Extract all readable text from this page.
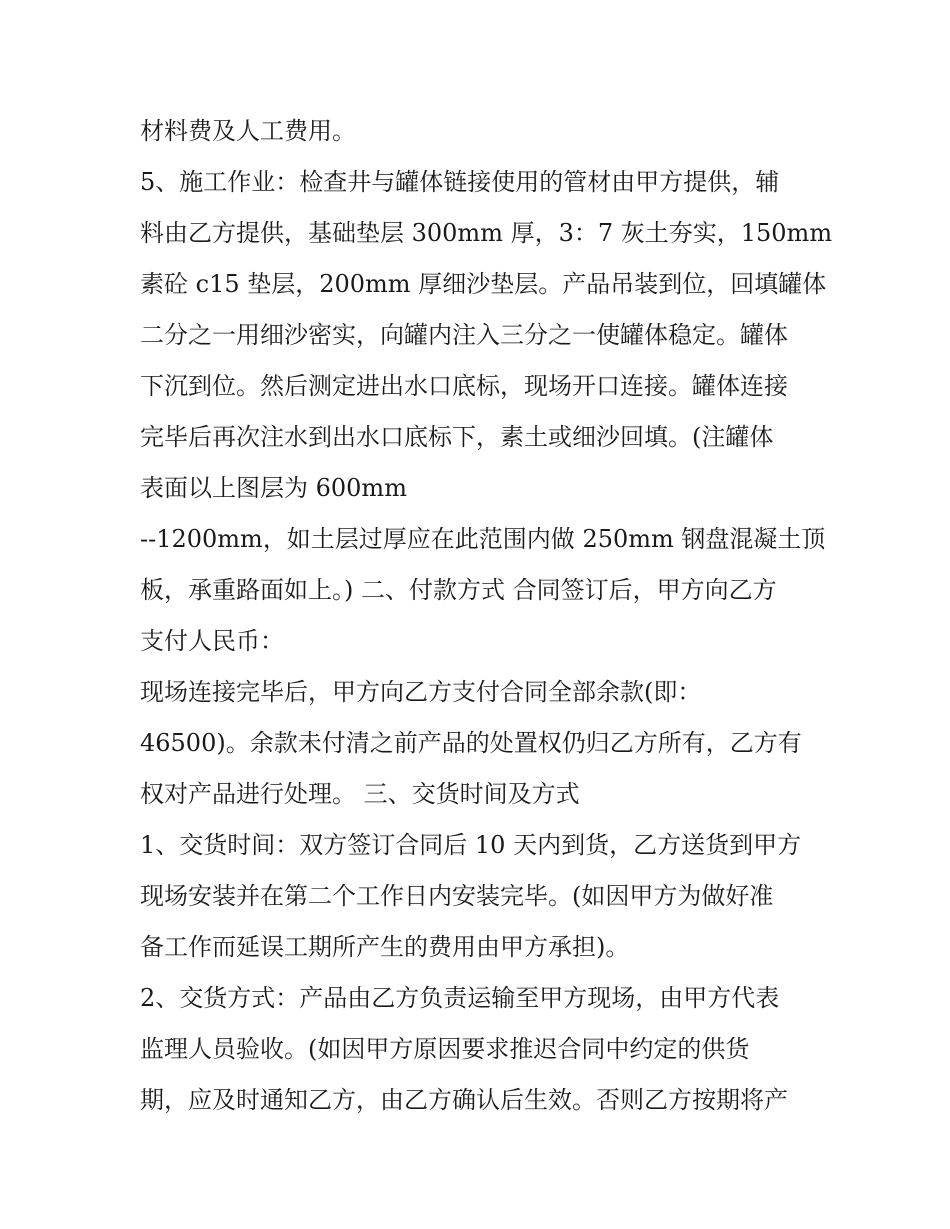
材料费及人工费用。
5、施工作业：检查井与罐体链接使用的管材由甲方提供，辅
料由乙方提供，基础垫层 300mm 厚，3：7 灰土夯实，150mm
素砼 c15 垫层，200mm 厚细沙垫层。产品吊装到位，回填罐体
二分之一用细沙密实，向罐内注入三分之一使罐体稳定。罐体
下沉到位。然后测定进出水口底标，现场开口连接。罐体连接
完毕后再次注水到出水口底标下，素土或细沙回填。(注罐体
表面以上图层为 600mm
--1200mm，如土层过厚应在此范围内做 250mm 钢盘混凝土顶
板，承重路面如上。) 二、付款方式 合同签订后，甲方向乙方
支付人民币：
现场连接完毕后，甲方向乙方支付合同全部余款(即：
46500)。余款未付清之前产品的处置权仍归乙方所有，乙方有
权对产品进行处理。 三、交货时间及方式
1、交货时间：双方签订合同后 10 天内到货，乙方送货到甲方
现场安装并在第二个工作日内安装完毕。(如因甲方为做好准
备工作而延误工期所产生的费用由甲方承担)。
2、交货方式：产品由乙方负责运输至甲方现场，由甲方代表
监理人员验收。(如因甲方原因要求推迟合同中约定的供货
期，应及时通知乙方，由乙方确认后生效。否则乙方按期将产
